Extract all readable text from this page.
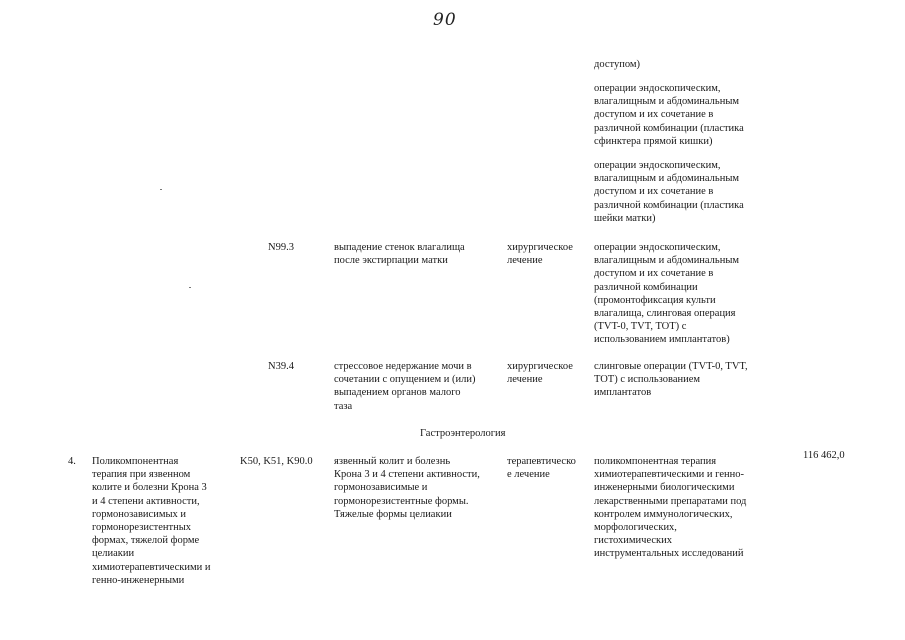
90
доступом)
операции эндоскопическим,
влагалищным и абдоминальным
доступом и их сочетание в
различной комбинации (пластика
сфинктера прямой кишки)
операции эндоскопическим,
влагалищным и абдоминальным
доступом и их сочетание в
различной комбинации (пластика
шейки матки)
N99.3	выпадение стенок влагалища
после экстирпации матки
хирургическое
лечение
операции эндоскопическим,
влагалищным и абдоминальным
доступом и их сочетание в
различной комбинации
(промонтофиксация культи
влагалища, слинговая операция
(TVT-0, TVT, TOT) с
использованием имплантатов)
N39.4	стрессовое недержание мочи в
сочетании с опущением и (или)
выпадением органов малого
таза
хирургическое
лечение
слинговые операции (TVT-0, TVT,
TOT) с использованием
имплантатов
Гастроэнтерология
4. Поликомпонентная
терапия при язвенном
колите и болезни Крона 3
и 4 степени активности,
гормонозависимых и
гормонорезистентных
формах, тяжелой форме
целиакии
химиотерапевтическими и
генно-инженерными
K50, K51, K90.0 язвенный колит и болезнь
Крона 3 и 4 степени активности,
гормонозависимые и
гормонорезистентные формы.
Тяжелые формы целиакии
терапевтическо
е лечение
поликомпонентная терапия
химиотерапевтическими и генно-
инженерными биологическими
лекарственными препаратами под
контролем иммунологических,
морфологических,
гистохимических
инструментальных исследований
116 462,0
